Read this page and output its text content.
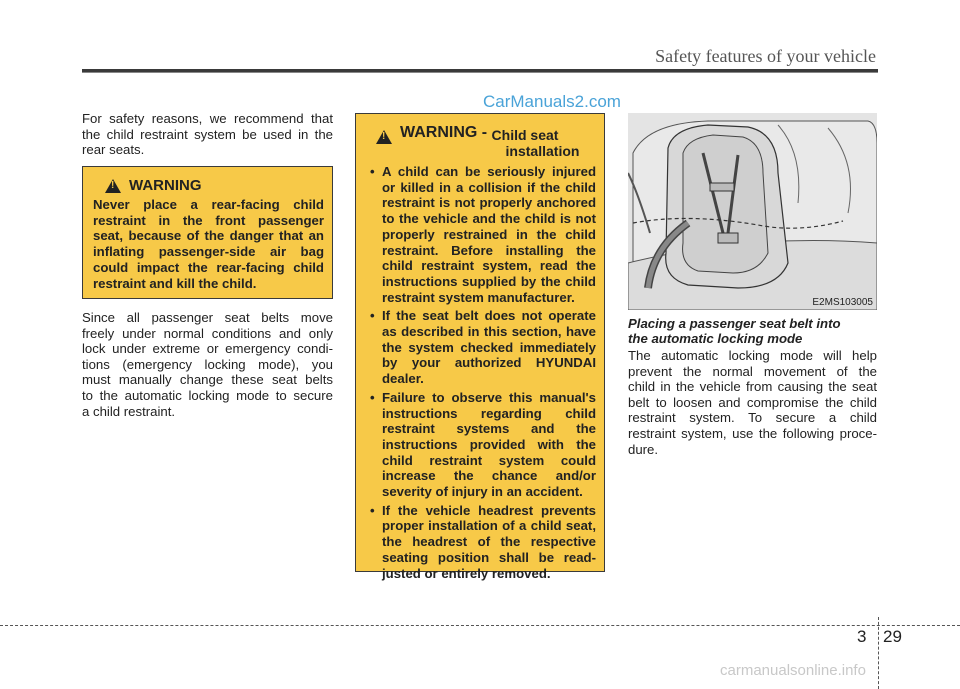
Safety features of your vehicle
CarManuals2.com
For safety reasons, we recommend that
the child restraint system be used in the
rear seats.
!
WARNING
Never place a rear-facing child
restraint in the front passenger
seat, because of the danger that an
inflating passenger-side air bag
could impact the rear-facing child
restraint and kill the child.
Since all passenger seat belts move
freely under normal conditions and only
lock under extreme or emergency condi-
tions (emergency locking mode), you
must manually change these seat belts
to the automatic locking mode to secure
a child restraint.
!
WARNING - Child seat
installation
• A child can be seriously injured
or killed in a collision if the child
restraint is not properly anchored
to the vehicle and the child is not
properly restrained in the child
restraint. Before installing the
child restraint system, read the
instructions supplied by the child
restraint system manufacturer.
• If the seat belt does not operate
as described in this section, have
the system checked immediately
by your authorized HYUNDAI
dealer.
• Failure to observe this manual's
instructions regarding child
restraint systems and the
instructions provided with the
child restraint system could
increase the chance and/or
severity of injury in an accident.
• If the vehicle headrest prevents
proper installation of a child seat,
the headrest of the respective
seating position shall be read-
justed or entirely removed.
E2MS103005
Placing a passenger seat belt into
the automatic locking mode
The automatic locking mode will help
prevent the normal movement of the
child in the vehicle from causing the seat
belt to loosen and compromise the child
restraint system. To secure a child
restraint system, use the following proce-
dure.
3 29
carmanualsonline.info
